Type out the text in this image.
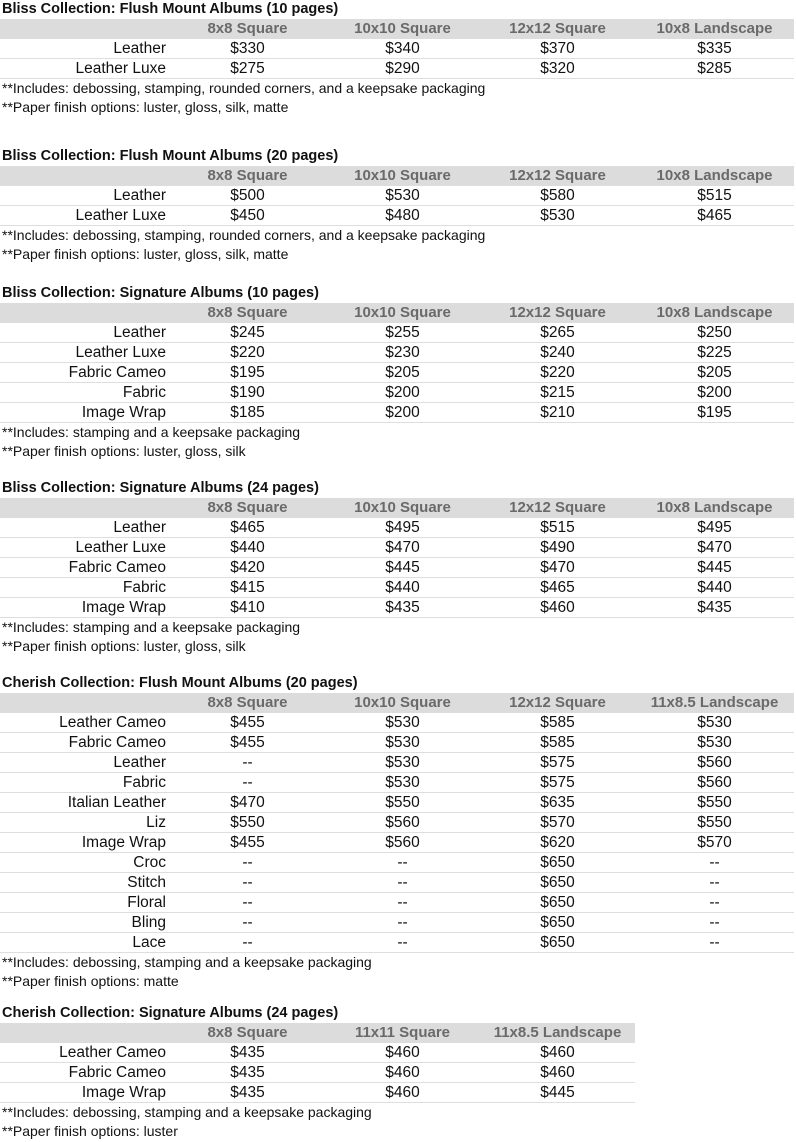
Bliss Collection: Flush Mount Albums (10 pages)
	8x8 Square	10x10 Square	12x12 Square	10x8 Landscape
Leather	$330	$340	$370	$335
Leather Luxe	$275	$290	$320	$285
**Includes: debossing, stamping, rounded corners, and a keepsake packaging
**Paper finish options: luster, gloss, silk, matte
Bliss Collection: Flush Mount Albums (20 pages)
	8x8 Square	10x10 Square	12x12 Square	10x8 Landscape
Leather	$500	$530	$580	$515
Leather Luxe	$450	$480	$530	$465
**Includes: debossing, stamping, rounded corners, and a keepsake packaging
**Paper finish options: luster, gloss, silk, matte
Bliss Collection: Signature Albums (10 pages)
	8x8 Square	10x10 Square	12x12 Square	10x8 Landscape
Leather	$245	$255	$265	$250
Leather Luxe	$220	$230	$240	$225
Fabric Cameo	$195	$205	$220	$205
Fabric	$190	$200	$215	$200
Image Wrap	$185	$200	$210	$195
**Includes: stamping and a keepsake packaging
**Paper finish options: luster, gloss, silk
Bliss Collection: Signature Albums (24 pages)
	8x8 Square	10x10 Square	12x12 Square	10x8 Landscape
Leather	$465	$495	$515	$495
Leather Luxe	$440	$470	$490	$470
Fabric Cameo	$420	$445	$470	$445
Fabric	$415	$440	$465	$440
Image Wrap	$410	$435	$460	$435
**Includes: stamping and a keepsake packaging
**Paper finish options: luster, gloss, silk
Cherish Collection: Flush Mount Albums (20 pages)
	8x8 Square	10x10 Square	12x12 Square	11x8.5 Landscape
Leather Cameo	$455	$530	$585	$530
Fabric Cameo	$455	$530	$585	$530
Leather	--	$530	$575	$560
Fabric	--	$530	$575	$560
Italian Leather	$470	$550	$635	$550
Liz	$550	$560	$570	$550
Image Wrap	$455	$560	$620	$570
Croc	--	--	$650	--
Stitch	--	--	$650	--
Floral	--	--	$650	--
Bling	--	--	$650	--
Lace	--	--	$650	--
**Includes: debossing, stamping and a keepsake packaging
**Paper finish options: matte
Cherish Collection: Signature Albums (24 pages)
	8x8 Square	11x11 Square	11x8.5 Landscape
Leather Cameo	$435	$460	$460
Fabric Cameo	$435	$460	$460
Image Wrap	$435	$460	$445
**Includes: debossing, stamping and a keepsake packaging
**Paper finish options: luster
